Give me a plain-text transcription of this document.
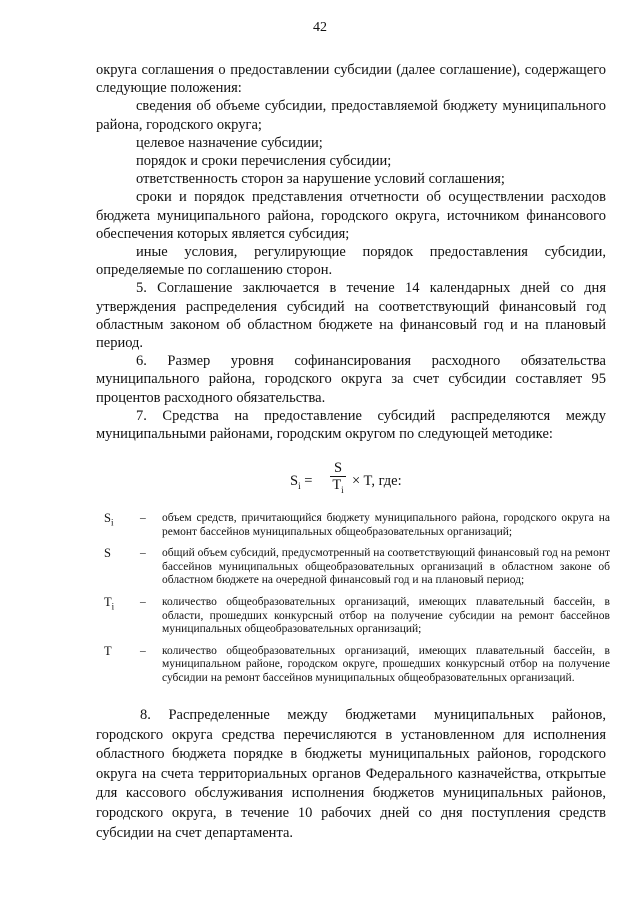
42

округа соглашения о предоставлении субсидии (далее соглашение), содержащего следующие положения:

сведения об объеме субсидии, предоставляемой бюджету муниципального района, городского округа;

целевое назначение субсидии;

порядок и сроки перечисления субсидии;

ответственность сторон за нарушение условий соглашения;

сроки и порядок представления отчетности об осуществлении расходов бюджета муниципального района, городского округа, источником финансового обеспечения которых является субсидия;

иные условия, регулирующие порядок предоставления субсидии, определяемые по соглашению сторон.

5. Соглашение заключается в течение 14 календарных дней со дня утверждения распределения субсидий на соответствующий финансовый год областным законом об областном бюджете на финансовый год и на плановый период.

6. Размер уровня софинансирования расходного обязательства муниципального района, городского округа за счет субсидии составляет 95 процентов расходного обязательства.

7. Средства на предоставление субсидий распределяются между муниципальными районами, городским округом по следующей методике:

$S_i = \frac{S}{T_i} \times T$, где:
$S_i$	–	объем средств, причитающийся бюджету муниципального района, городского округа на ремонт бассейнов муниципальных общеобразовательных организаций;
S	–	общий объем субсидий, предусмотренный на соответствующий финансовый год на ремонт бассейнов муниципальных общеобразовательных организаций в областном законе об областном бюджете на очередной финансовый год и на плановый период;
$T_i$	–	количество общеобразовательных организаций, имеющих плавательный бассейн, в области, прошедших конкурсный отбор на получение субсидии на ремонт бассейнов муниципальных общеобразовательных организаций;
T	–	количество общеобразовательных организаций, имеющих плавательный бассейн, в муниципальном районе, городском округе, прошедших конкурсный отбор на получение субсидии на ремонт бассейнов муниципальных общеобразовательных организаций.

8. Распределенные между бюджетами муниципальных районов, городского округа средства перечисляются в установленном для исполнения областного бюджета порядке в бюджеты муниципальных районов, городского округа на счета территориальных органов Федерального казначейства, открытые для кассового обслуживания исполнения бюджетов муниципальных районов, городского округа, в течение 10 рабочих дней со дня поступления средств субсидии на счет департамента.
